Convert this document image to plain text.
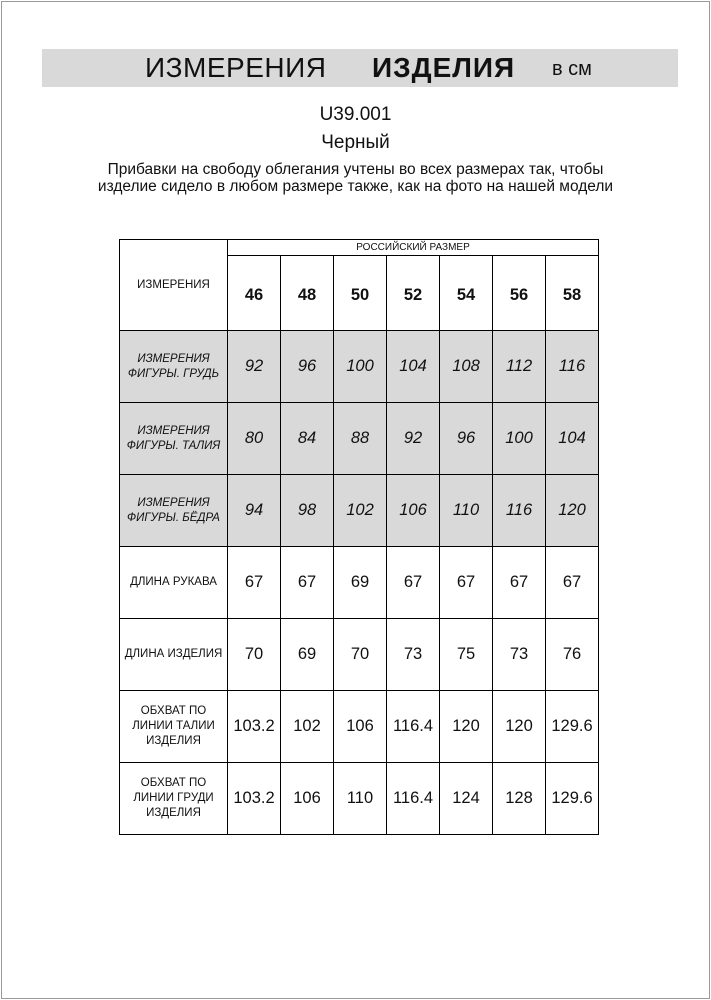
ИЗМЕРЕНИЯ ИЗДЕЛИЯ в см
U39.001
Черный
Прибавки на свободу облегания учтены во всех размерах так, чтобы изделие сидело в любом размере также, как на фото на нашей модели
ИЗМЕРЕНИЯ	РОССИЙСКИЙ РАЗМЕР						
	46	48	50	52	54	56	58
ИЗМЕРЕНИЯ ФИГУРЫ. ГРУДЬ	92	96	100	104	108	112	116
ИЗМЕРЕНИЯ ФИГУРЫ. ТАЛИЯ	80	84	88	92	96	100	104
ИЗМЕРЕНИЯ ФИГУРЫ. БЁДРА	94	98	102	106	110	116	120
ДЛИНА РУКАВА	67	67	69	67	67	67	67
ДЛИНА ИЗДЕЛИЯ	70	69	70	73	75	73	76
ОБХВАТ ПО ЛИНИИ ТАЛИИ ИЗДЕЛИЯ	103.2	102	106	116.4	120	120	129.6
ОБХВАТ ПО ЛИНИИ ГРУДИ ИЗДЕЛИЯ	103.2	106	110	116.4	124	128	129.6
